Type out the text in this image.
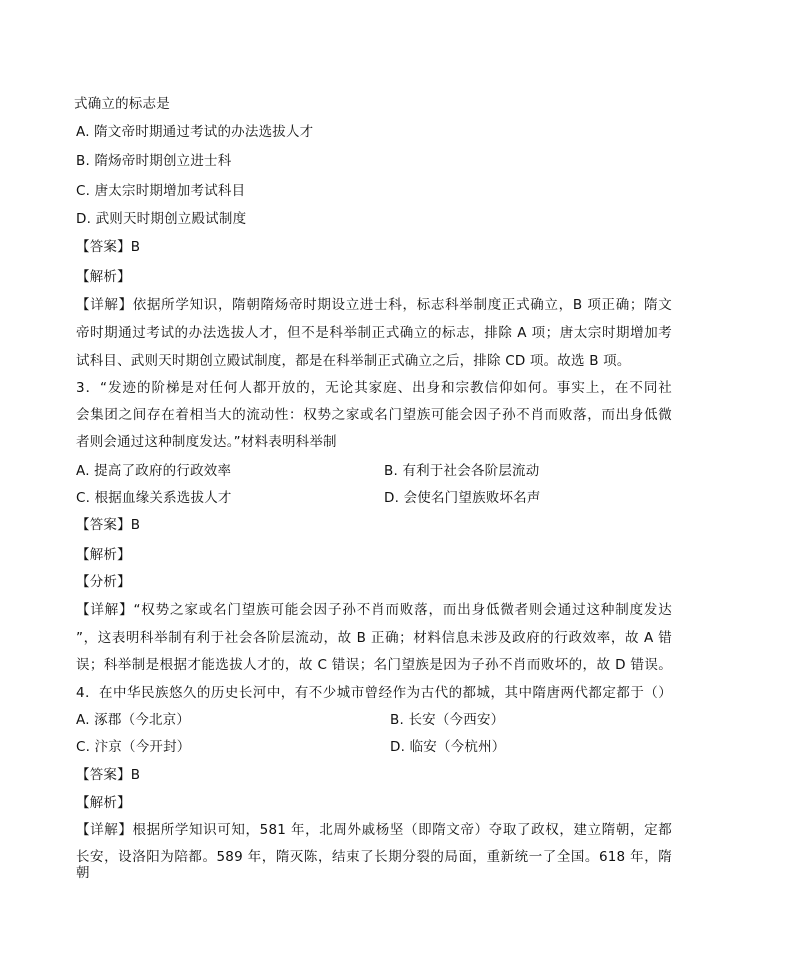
式确立的标志是
A. 隋文帝时期通过考试的办法选拔人才
B. 隋炀帝时期创立进士科
C. 唐太宗时期增加考试科目
D. 武则天时期创立殿试制度
【答案】B
【解析】
【详解】依据所学知识，隋朝隋炀帝时期设立进士科，标志科举制度正式确立，B 项正确；隋文
帝时期通过考试的办法选拔人才，但不是科举制正式确立的标志，排除 A 项；唐太宗时期增加考
试科目、武则天时期创立殿试制度，都是在科举制正式确立之后，排除 CD 项。故选 B 项。
3．“发迹的阶梯是对任何人都开放的，无论其家庭、出身和宗教信仰如何。事实上，在不同社
会集团之间存在着相当大的流动性：权势之家或名门望族可能会因子孙不肖而败落，而出身低微
者则会通过这种制度发达。”材料表明科举制
A. 提高了政府的行政效率	B. 有利于社会各阶层流动
C. 根据血缘关系选拔人才	D. 会使名门望族败坏名声
【答案】B
【解析】
【分析】
【详解】“权势之家或名门望族可能会因子孙不肖而败落，而出身低微者则会通过这种制度发达
”，这表明科举制有利于社会各阶层流动，故 B 正确；材料信息未涉及政府的行政效率，故 A 错
误；科举制是根据才能选拔人才的，故 C 错误；名门望族是因为子孙不肖而败坏的，故 D 错误。
4．在中华民族悠久的历史长河中，有不少城市曾经作为古代的都城，其中隋唐两代都定都于（）
A. 涿郡（今北京）	B. 长安（今西安）
C. 汴京（今开封）	D. 临安（今杭州）
【答案】B
【解析】
【详解】根据所学知识可知，581 年，北周外戚杨坚（即隋文帝）夺取了政权，建立隋朝，定都
长安，设洛阳为陪都。589 年，隋灭陈，结束了长期分裂的局面，重新统一了全国。618 年，隋朝
